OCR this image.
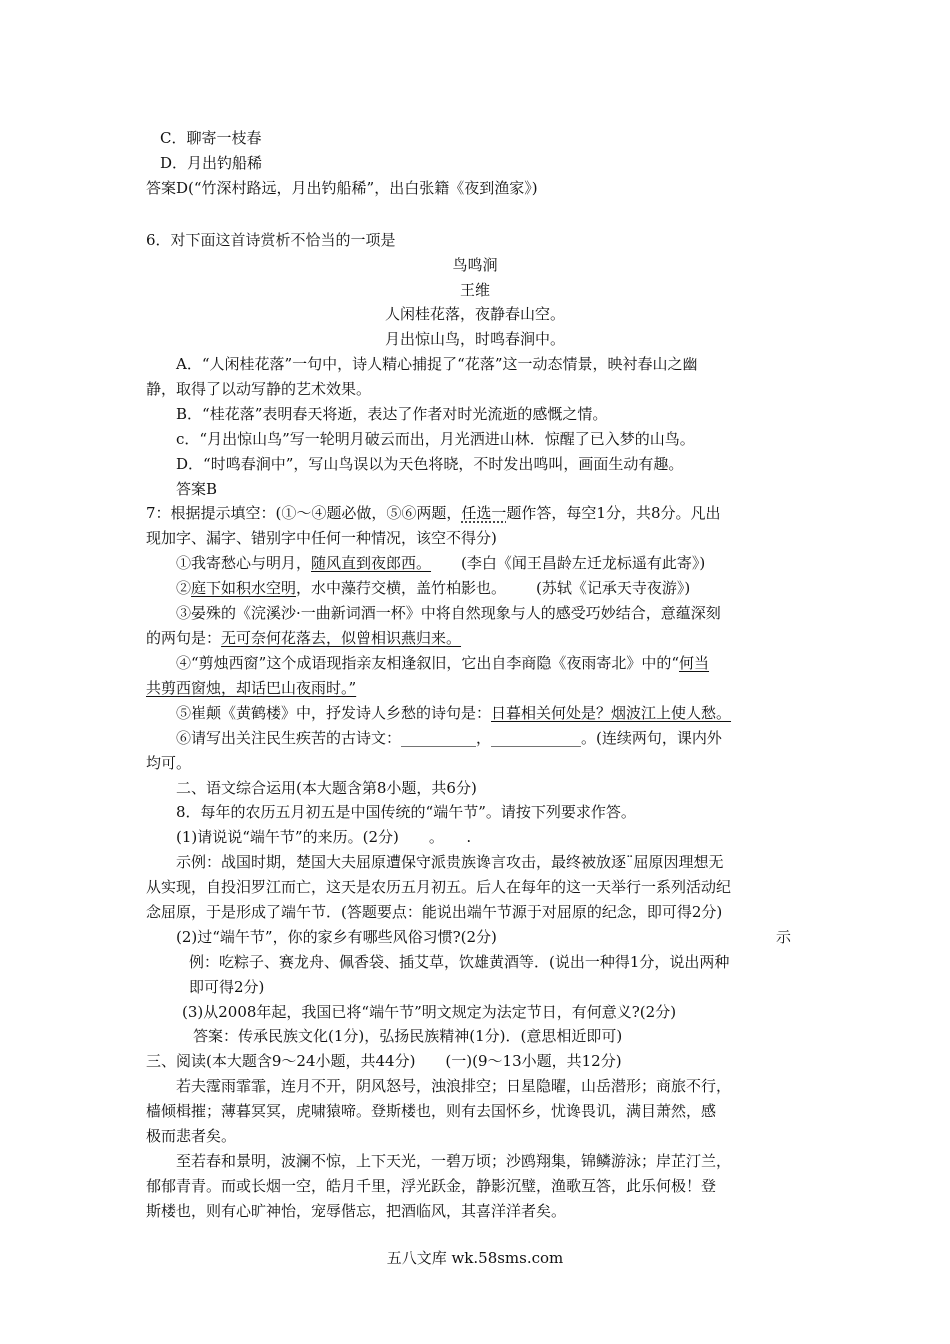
C．聊寄一枝春
D．月出钓船稀
答案D(“竹深村路远，月出钓船稀”，出白张籍《夜到渔家》)
6．对下面这首诗赏析不恰当的一项是
鸟鸣涧
王维
人闲桂花落，夜静春山空。
月出惊山鸟，时鸣春涧中。
A．“人闲桂花落”一句中，诗人精心捕捉了“花落”这一动态情景，映衬春山之幽
静，取得了以动写静的艺术效果。
B．“桂花落”表明春天将逝，表达了作者对时光流逝的感慨之情。
c．“月出惊山鸟”写一轮明月破云而出，月光洒进山林．惊醒了已入梦的山鸟。
D．“时鸣春涧中”，写山鸟误以为天色将晓，不时发出鸣叫，画面生动有趣。
答案B
7：根据提示填空：(①～④题必做，⑤⑥两题，任选一题作答，每空1分，共8分。凡出
现加字、漏字、错别字中任何一种情况，该空不得分)
①我寄愁心与明月，随风直到夜郎西。 (李白《闻王昌龄左迁龙标遥有此寄》)
②庭下如积水空明，水中藻荇交横，盖竹柏影也。 (苏轼《记承天寺夜游》)
③晏殊的《浣溪沙·一曲新词酒一杯》中将自然现象与人的感受巧妙结合，意蕴深刻
的两句是：无可奈何花落去，似曾相识燕归来。
④“剪烛西窗”这个成语现指亲友相逢叙旧，它出自李商隐《夜雨寄北》中的“何当
共剪西窗烛，却话巴山夜雨时。”
⑤崔颠《黄鹤楼》中，抒发诗人乡愁的诗句是：日暮相关何处是？烟波江上使人愁。
⑥请写出关注民生疾苦的古诗文：__________，____________。(连续两句，课内外
均可。
二、语文综合运用(本大题含第8小题，共6分)
8．每年的农历五月初五是中国传统的“端午节”。请按下列要求作答。
(1)请说说“端午节”的来历。(2分)　　。　　.
示例：战国时期，楚国大夫屈原遭保守派贵族谗言攻击，最终被放逐¨屈原因理想无
从实现，自投汨罗江而亡，这天是农历五月初五。后人在每年的这一天举行一系列活动纪
念屈原，于是形成了端午节．(答题要点：能说出端午节源于对屈原的纪念，即可得2分)
(2)过“端午节”，你的家乡有哪些风俗习惯?(2分)	示
例：吃粽子、赛龙舟、佩香袋、插艾草，饮雄黄酒等．(说出一种得1分，说出两种
即可得2分)
(3)从2008年起，我国已将“端午节”明文规定为法定节日，有何意义?(2分)
答案：传承民族文化(1分)，弘扬民族精神(1分)．(意思相近即可)
三、阅读(本大题含9～24小题，共44分)　　(一)(9～13小题，共12分)
若夫霪雨霏霏，连月不开，阴风怒号，浊浪排空；日星隐曜，山岳潜形；商旅不行，
樯倾楫摧；薄暮冥冥，虎啸猿啼。登斯楼也，则有去国怀乡，忧谗畏讥，满目萧然，感
极而悲者矣。
至若春和景明，波澜不惊，上下天光，一碧万顷；沙鸥翔集，锦鳞游泳；岸芷汀兰，
郁郁青青。而或长烟一空，皓月千里，浮光跃金，静影沉璧，渔歌互答，此乐何极！登
斯楼也，则有心旷神怡，宠辱偕忘，把酒临风，其喜洋洋者矣。
五八文库 wk.58sms.com
